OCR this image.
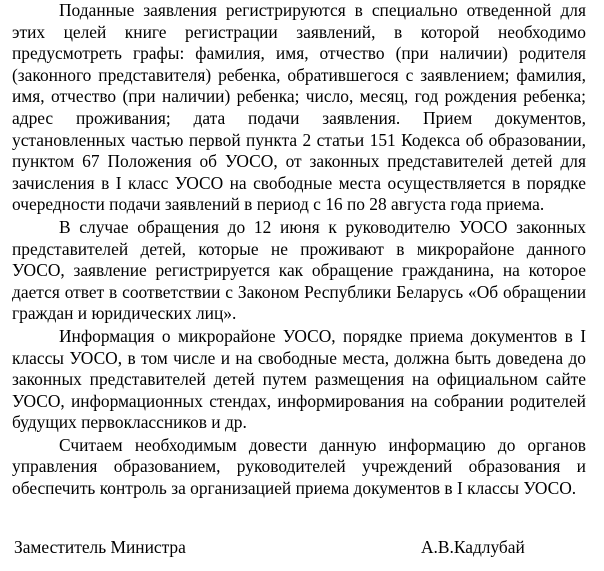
Поданные заявления регистрируются в специально отведенной для этих целей книге регистрации заявлений, в которой необходимо предусмотреть графы: фамилия, имя, отчество (при наличии) родителя (законного представителя) ребенка, обратившегося с заявлением; фамилия, имя, отчество (при наличии) ребенка; число, месяц, год рождения ребенка; адрес проживания; дата подачи заявления. Прием документов, установленных частью первой пункта 2 статьи 151 Кодекса об образовании, пунктом 67 Положения об УОСО, от законных представителей детей для зачисления в I класс УОСО на свободные места осуществляется в порядке очередности подачи заявлений в период с 16 по 28 августа года приема.

В случае обращения до 12 июня к руководителю УОСО законных представителей детей, которые не проживают в микрорайоне данного УОСО, заявление регистрируется как обращение гражданина, на которое дается ответ в соответствии с Законом Республики Беларусь «Об обращении граждан и юридических лиц».

Информация о микрорайоне УОСО, порядке приема документов в I классы УОСО, в том числе и на свободные места, должна быть доведена до законных представителей детей путем размещения на официальном сайте УОСО, информационных стендах, информирования на собрании родителей будущих первоклассников и др.

Считаем необходимым довести данную информацию до органов управления образованием, руководителей учреждений образования и обеспечить контроль за организацией приема документов в I классы УОСО.

Заместитель Министра	А.В.Кадлубай
